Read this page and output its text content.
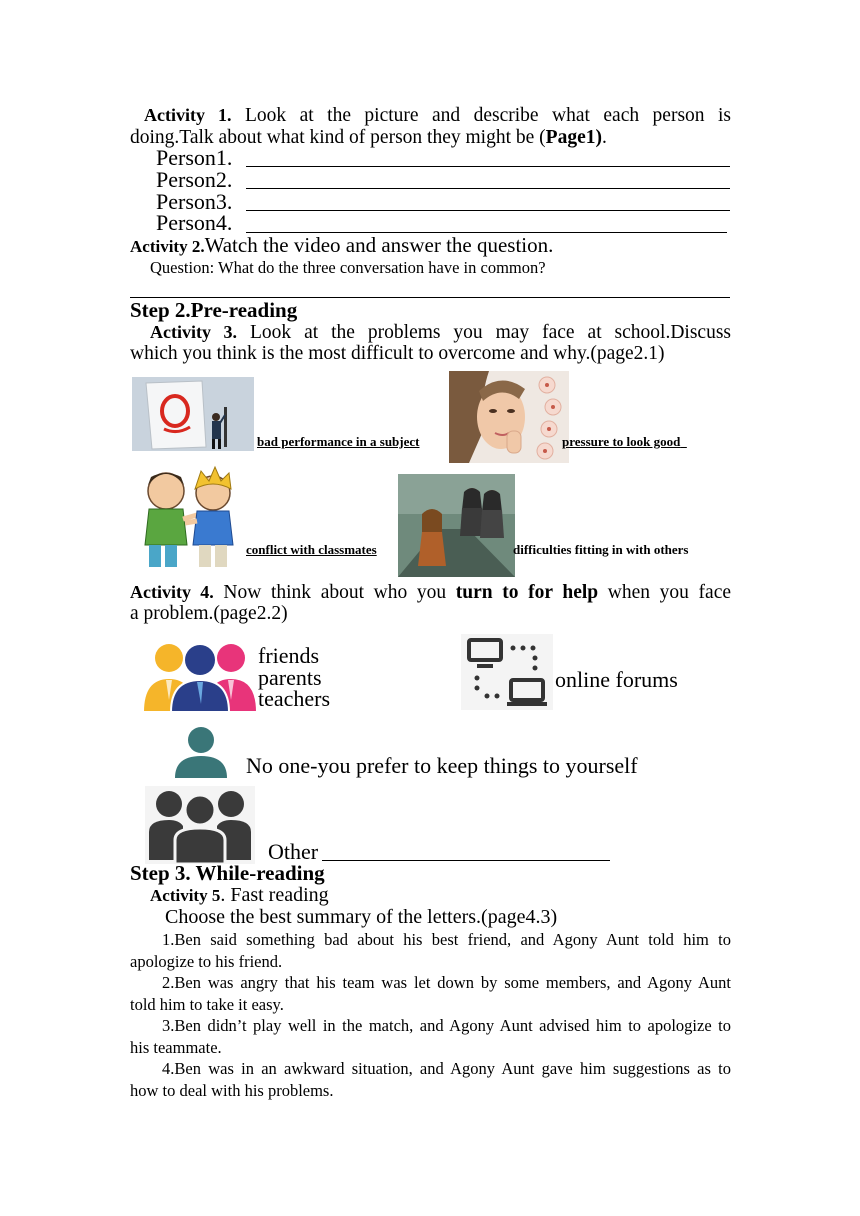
Activity 1. Look at the picture and describe what each person is
doing.Talk about what kind of person they might be (Page1).
Person1.
Person2.
Person3.
Person4.
Activity 2.Watch the video and answer the question.
Question: What do the three conversation have in common?
Step 2.Pre-reading
Activity 3. Look at the problems you may face at school.Discuss
which you think is the most difficult to overcome and why.(page2.1)
bad performance in a subject	pressure to look good
conflict with classmates	difficulties fitting in with others
Activity 4. Now think about who you turn to for help when you face
a problem.(page2.2)
friends
parents
teachers
online forums
No one-you prefer to keep things to yourself
Other
Step 3. While-reading
Activity 5. Fast reading
Choose the best summary of the letters.(page4.3)
1.Ben said something bad about his best friend, and Agony Aunt told him to
apologize to his friend.
2.Ben was angry that his team was let down by some members, and Agony Aunt
told him to take it easy.
3.Ben didn’t play well in the match, and Agony Aunt advised him to apologize to
his teammate.
4.Ben was in an awkward situation, and Agony Aunt gave him suggestions as to
how to deal with his problems.
